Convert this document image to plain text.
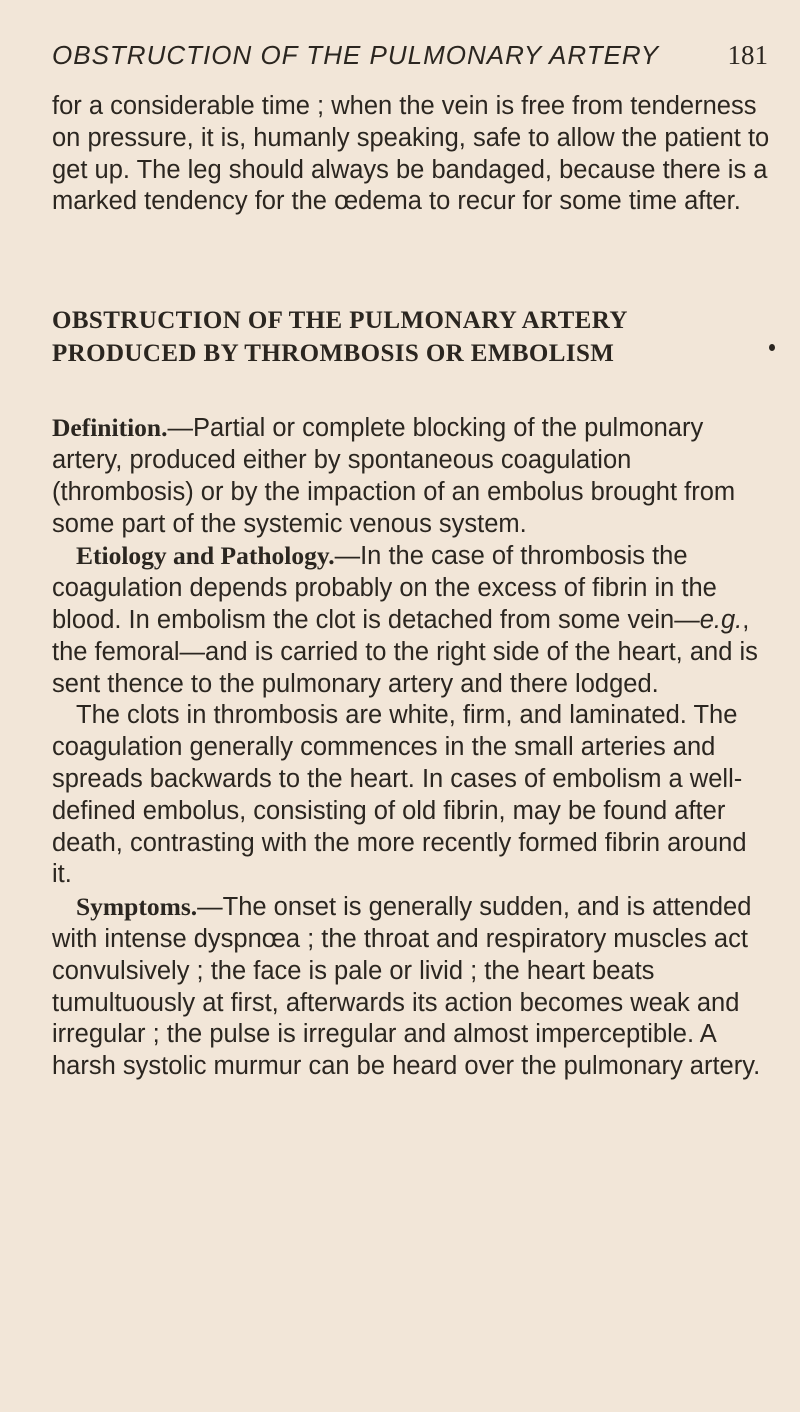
OBSTRUCTION OF THE PULMONARY ARTERY	181

for a considerable time ; when the vein is free from tenderness on pressure, it is, humanly speaking, safe to allow the patient to get up. The leg should always be bandaged, because there is a marked tendency for the œdema to recur for some time after.

OBSTRUCTION OF THE PULMONARY ARTERY
PRODUCED BY THROMBOSIS OR EMBOLISM

Definition.—Partial or complete blocking of the pulmonary artery, produced either by spontaneous coagulation (thrombosis) or by the impaction of an embolus brought from some part of the systemic venous system.

Etiology and Pathology.—In the case of thrombosis the coagulation depends probably on the excess of fibrin in the blood. In embolism the clot is detached from some vein—e.g., the femoral—and is carried to the right side of the heart, and is sent thence to the pulmonary artery and there lodged.

The clots in thrombosis are white, firm, and laminated. The coagulation generally commences in the small arteries and spreads backwards to the heart. In cases of embolism a well-defined embolus, consisting of old fibrin, may be found after death, contrasting with the more recently formed fibrin around it.

Symptoms.—The onset is generally sudden, and is attended with intense dyspnœa ; the throat and respiratory muscles act convulsively ; the face is pale or livid ; the heart beats tumultuously at first, afterwards its action becomes weak and irregular ; the pulse is irregular and almost imperceptible. A harsh systolic murmur can be heard over the pulmonary artery.
